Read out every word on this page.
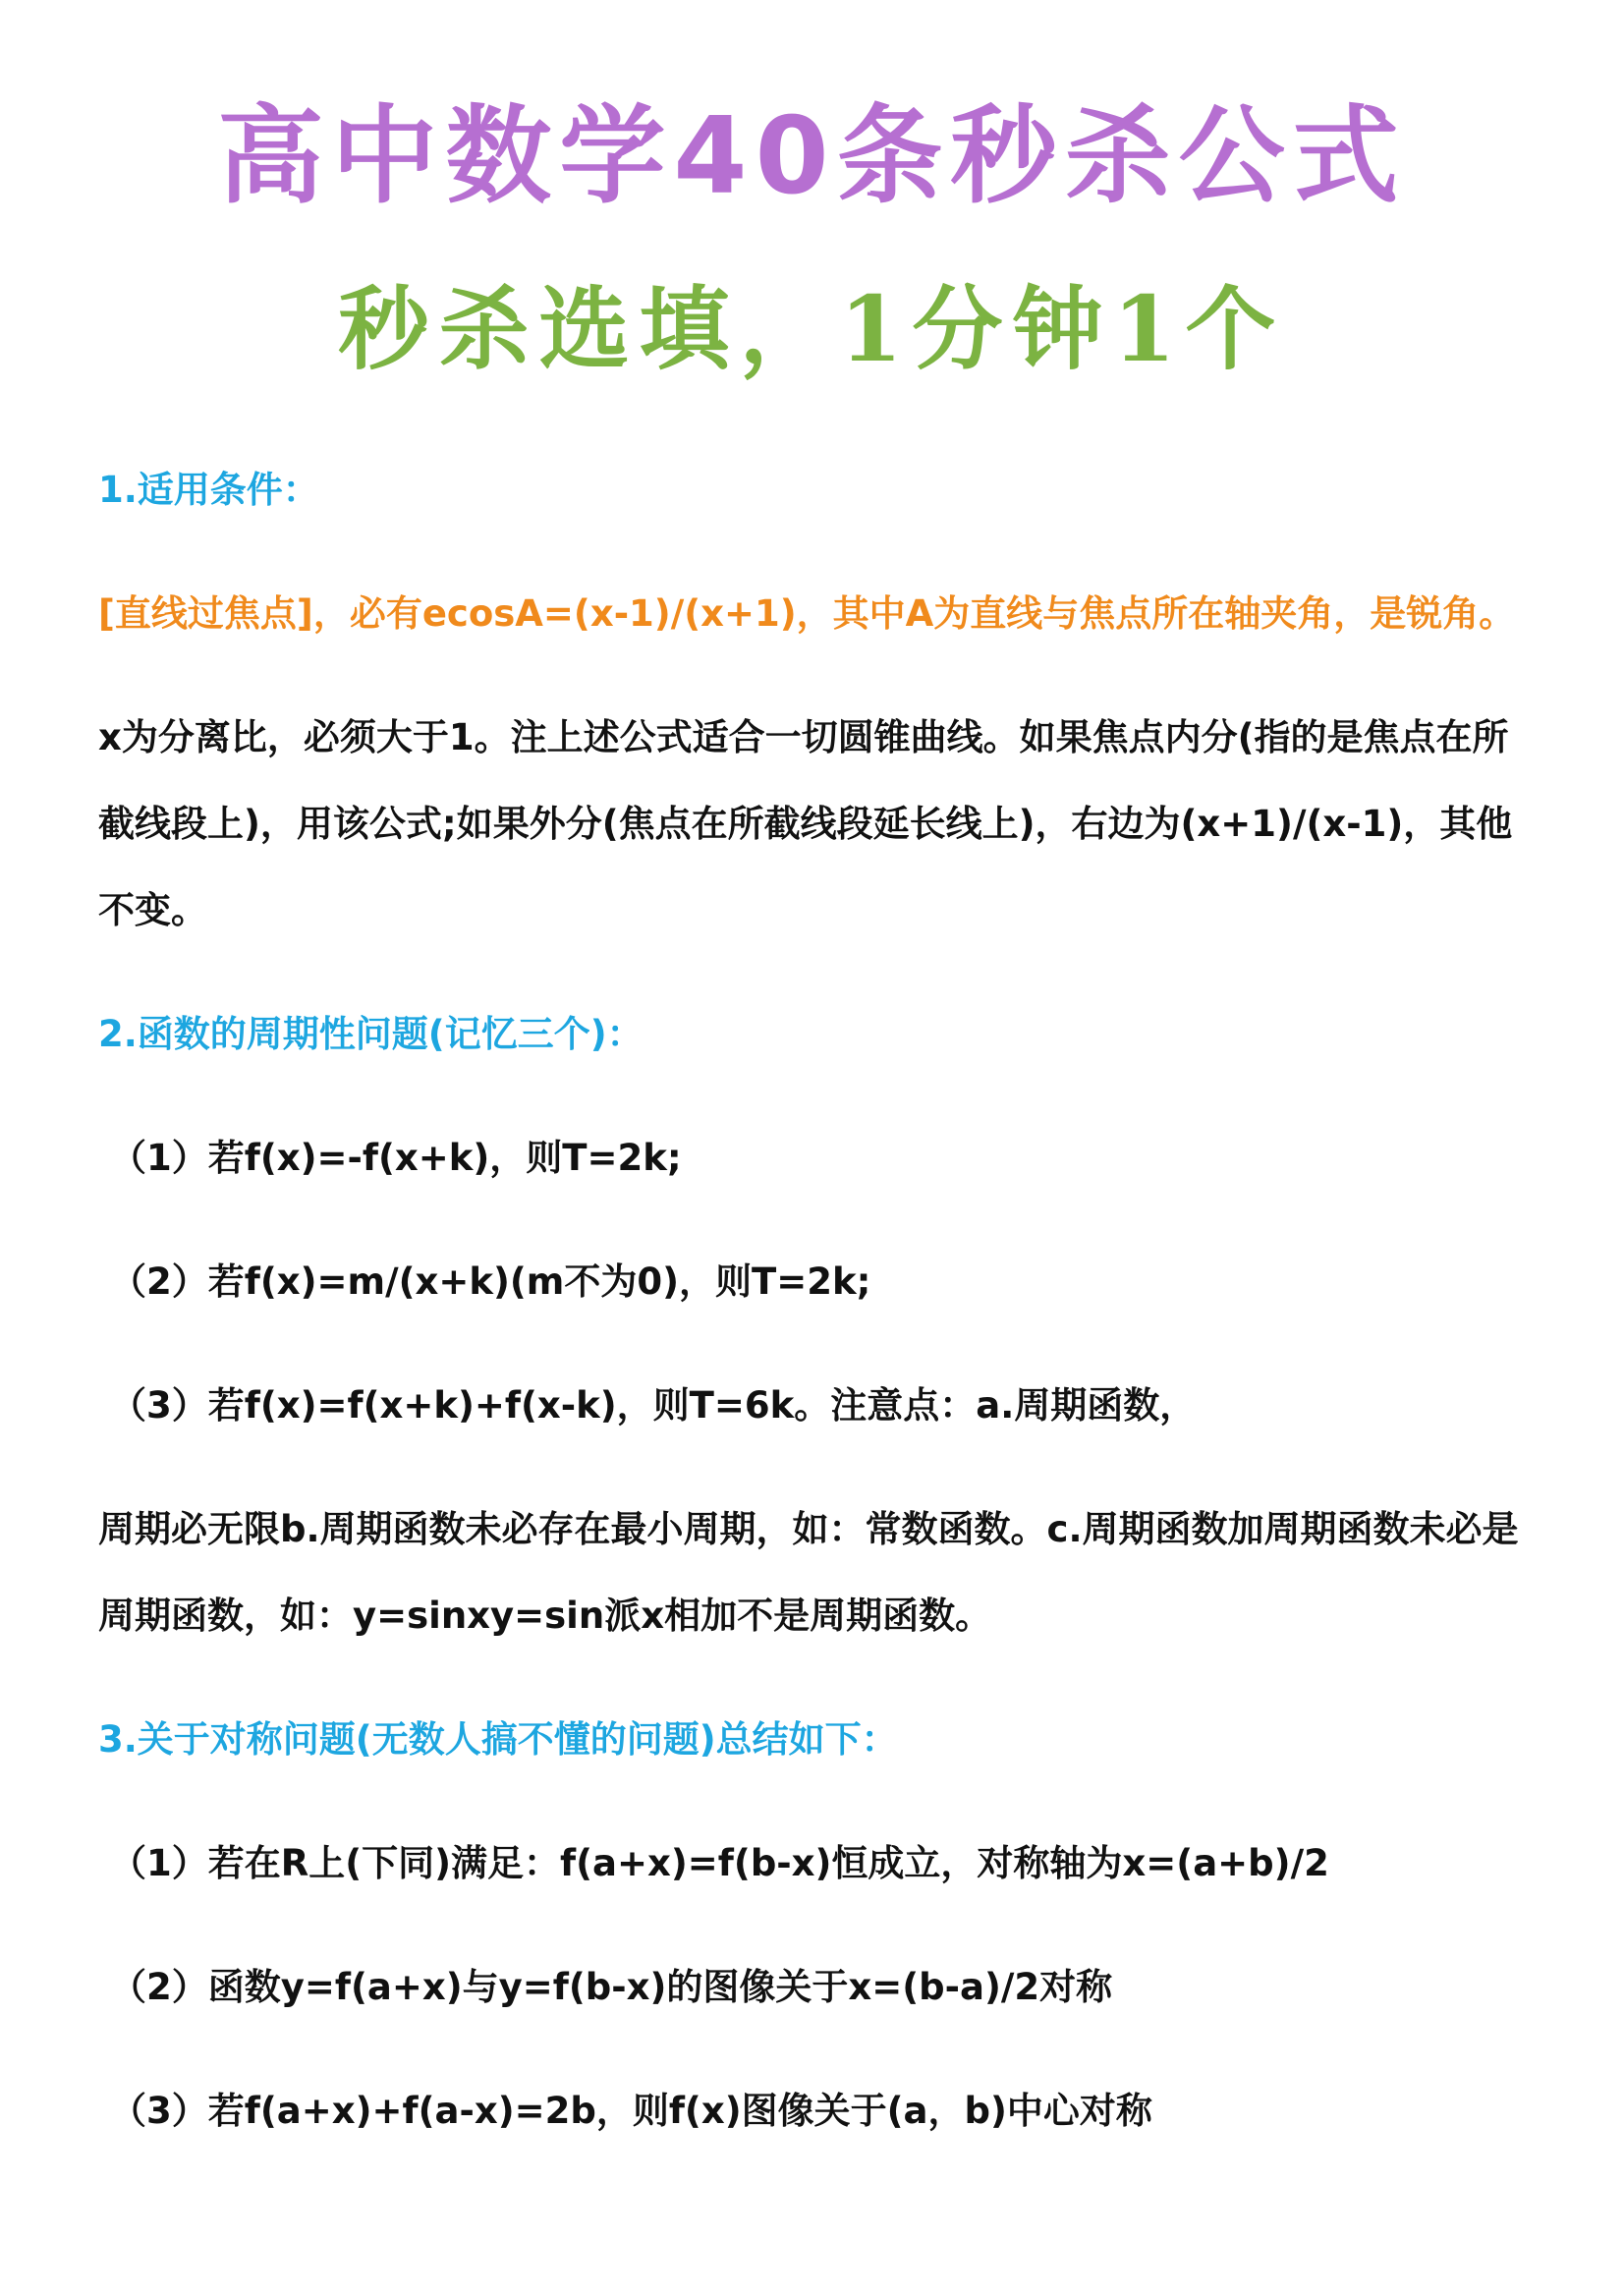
高中数学40条秒杀公式
秒杀选填，1分钟1个

1.适用条件：

[直线过焦点]，必有ecosA=(x-1)/(x+1)，其中A为直线与焦点所在轴夹角，是锐角。

x为分离比，必须大于1。注上述公式适合一切圆锥曲线。如果焦点内分(指的是焦点在所截线段上)，用该公式;如果外分(焦点在所截线段延长线上)，右边为(x+1)/(x-1)，其他不变。

2.函数的周期性问题(记忆三个)：

（1）若f(x)=-f(x+k)，则T=2k;

（2）若f(x)=m/(x+k)(m不为0)，则T=2k;

（3）若f(x)=f(x+k)+f(x-k)，则T=6k。注意点：a.周期函数，

周期必无限b.周期函数未必存在最小周期，如：常数函数。c.周期函数加周期函数未必是周期函数，如：y=sinxy=sin派x相加不是周期函数。

3.关于对称问题(无数人搞不懂的问题)总结如下：

（1）若在R上(下同)满足：f(a+x)=f(b-x)恒成立，对称轴为x=(a+b)/2

（2）函数y=f(a+x)与y=f(b-x)的图像关于x=(b-a)/2对称

（3）若f(a+x)+f(a-x)=2b，则f(x)图像关于(a，b)中心对称
